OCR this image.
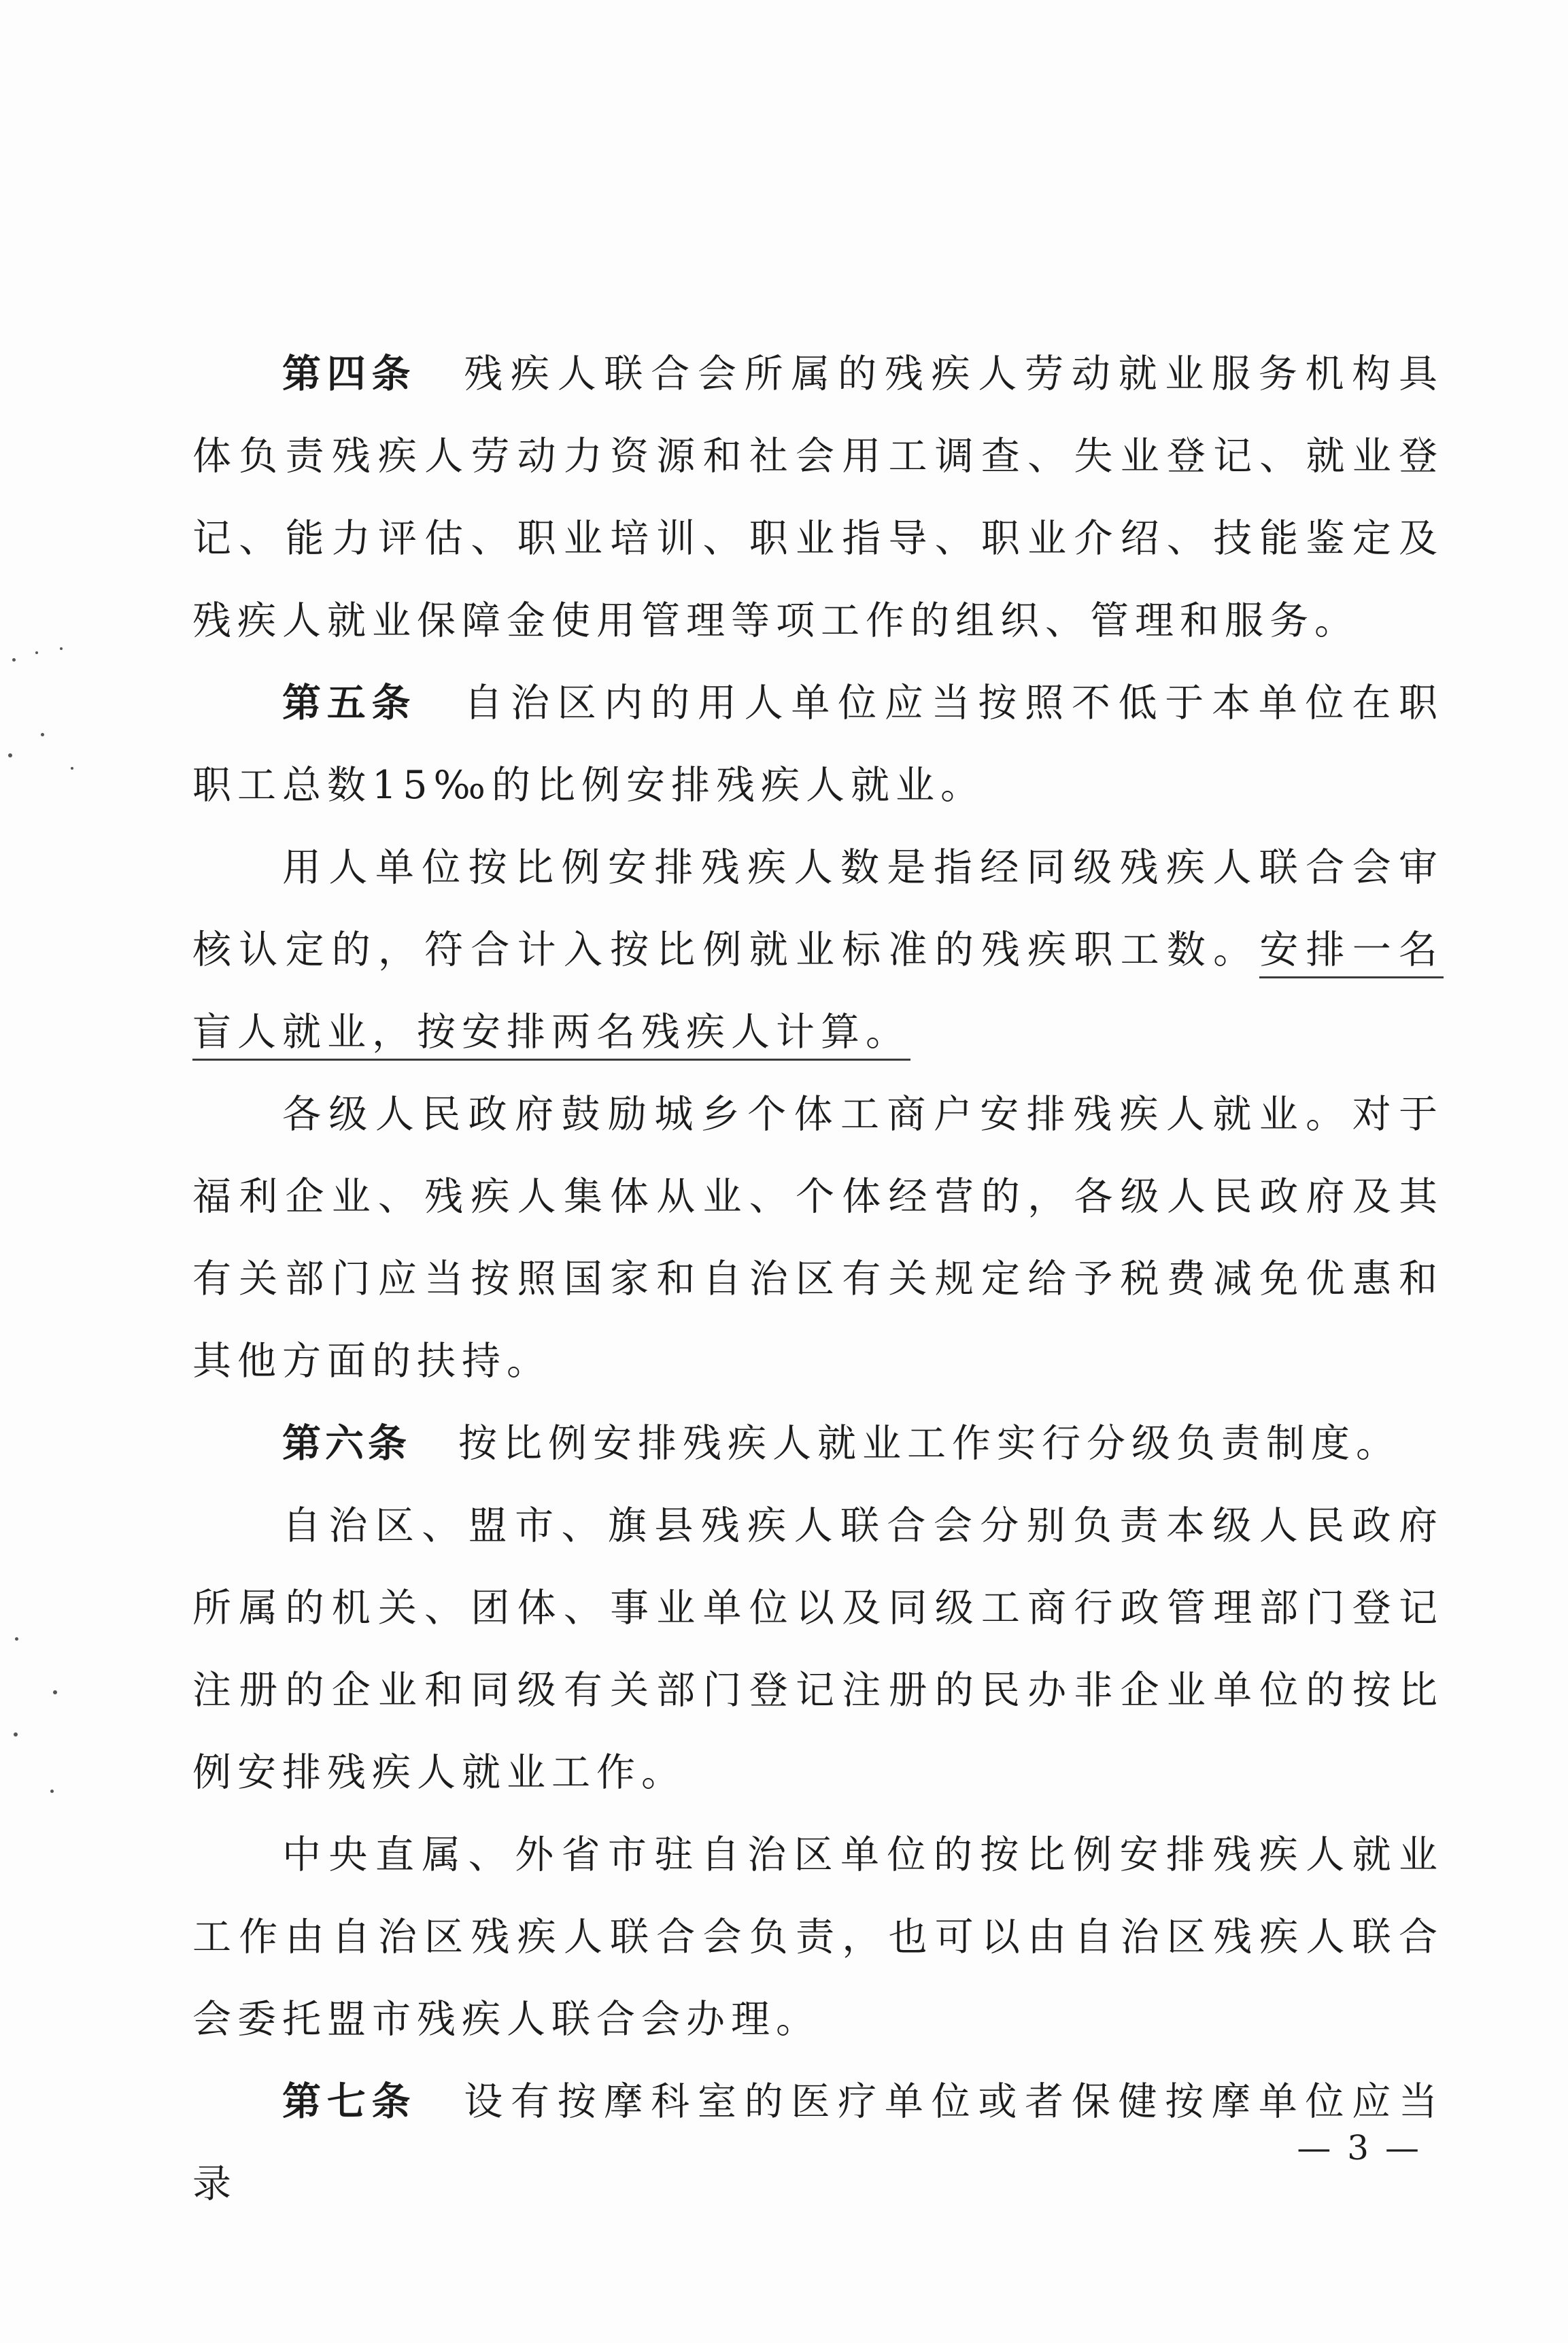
第四条 残疾人联合会所属的残疾人劳动就业服务机构具体负责残疾人劳动力资源和社会用工调查、失业登记、就业登记、能力评估、职业培训、职业指导、职业介绍、技能鉴定及残疾人就业保障金使用管理等项工作的组织、管理和服务。

第五条 自治区内的用人单位应当按照不低于本单位在职职工总数15‰的比例安排残疾人就业。

用人单位按比例安排残疾人数是指经同级残疾人联合会审核认定的，符合计入按比例就业标准的残疾职工数。安排一名盲人就业，按安排两名残疾人计算。

各级人民政府鼓励城乡个体工商户安排残疾人就业。对于福利企业、残疾人集体从业、个体经营的，各级人民政府及其有关部门应当按照国家和自治区有关规定给予税费减免优惠和其他方面的扶持。

第六条 按比例安排残疾人就业工作实行分级负责制度。

自治区、盟市、旗县残疾人联合会分别负责本级人民政府所属的机关、团体、事业单位以及同级工商行政管理部门登记注册的企业和同级有关部门登记注册的民办非企业单位的按比例安排残疾人就业工作。

中央直属、外省市驻自治区单位的按比例安排残疾人就业工作由自治区残疾人联合会负责，也可以由自治区残疾人联合会委托盟市残疾人联合会办理。

第七条 设有按摩科室的医疗单位或者保健按摩单位应当录

— 3 —
